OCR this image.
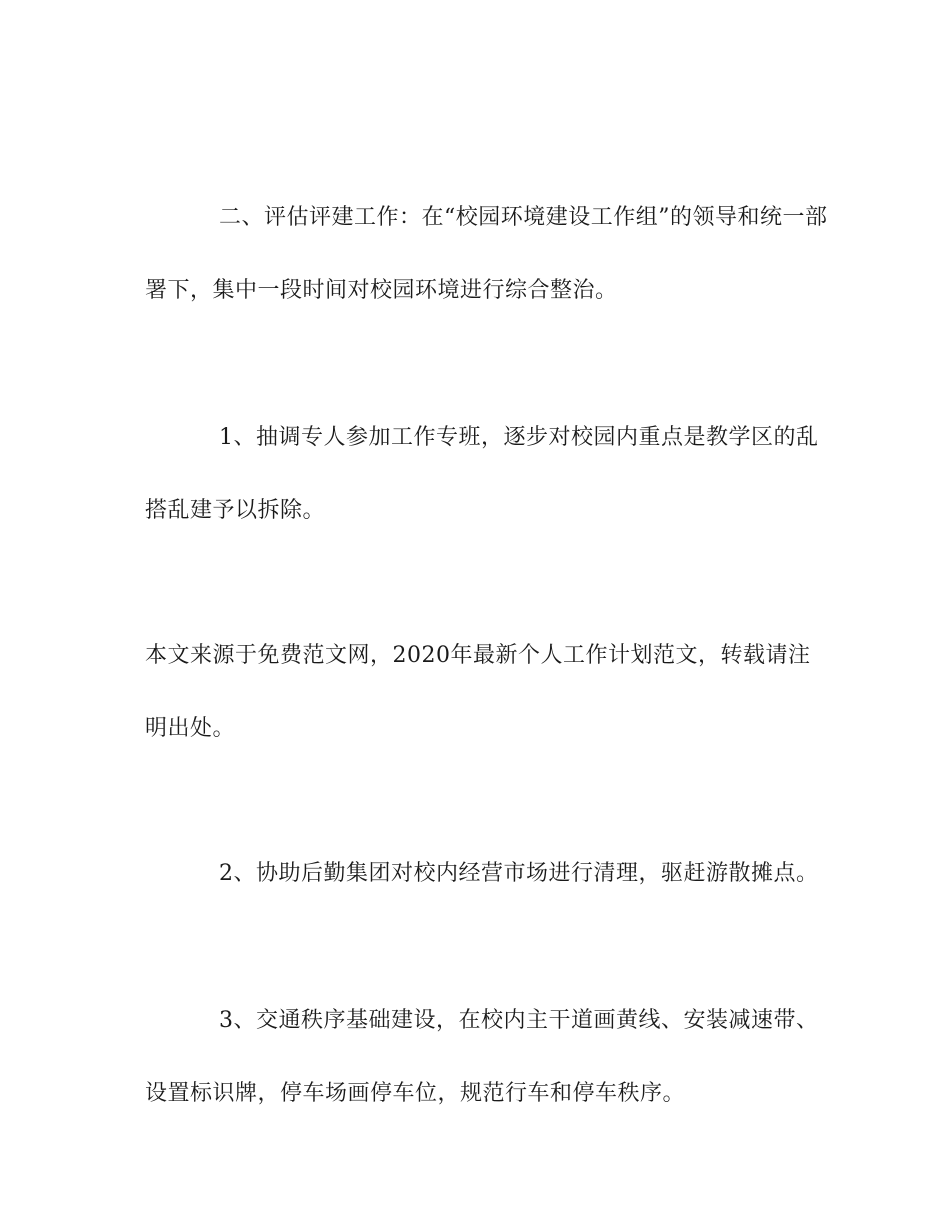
二、评估评建工作：在“校园环境建设工作组”的领导和统一部
署下，集中一段时间对校园环境进行综合整治。
1、抽调专人参加工作专班，逐步对校园内重点是教学区的乱
搭乱建予以拆除。
本文来源于免费范文网，2020年最新个人工作计划范文，转载请注
明出处。
2、协助后勤集团对校内经营市场进行清理，驱赶游散摊点。
3、交通秩序基础建设，在校内主干道画黄线、安装减速带、
设置标识牌，停车场画停车位，规范行车和停车秩序。
